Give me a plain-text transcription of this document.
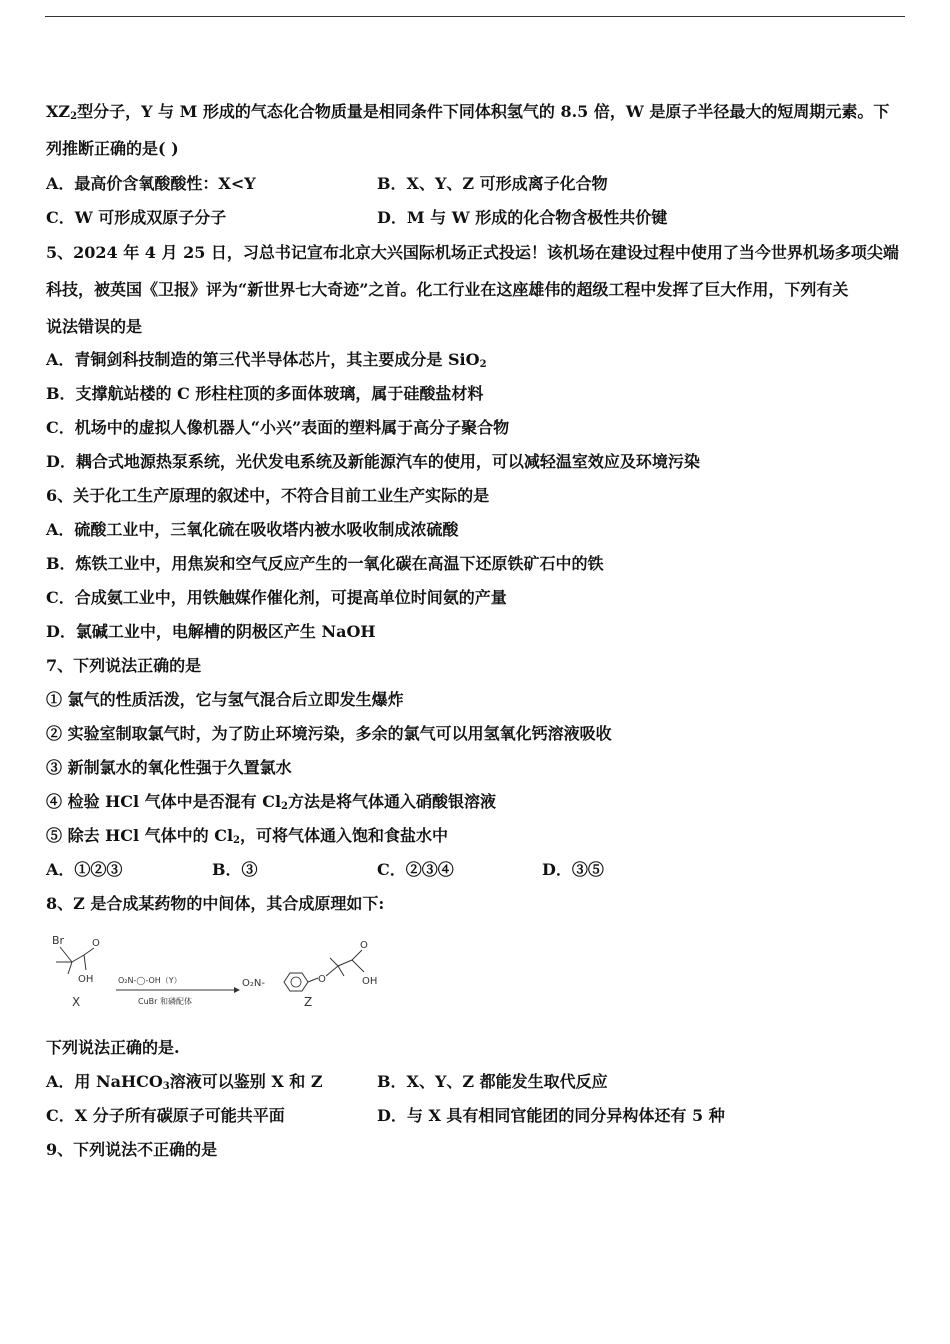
$XZ_2$型分子，Y 与 M 形成的气态化合物质量是相同条件下同体积氢气的 8.5 倍，W 是原子半径最大的短周期元素。下
列推断正确的是( )
A．最高价含氧酸酸性：X<Y	B．X、Y、Z 可形成离子化合物
C．W 可形成双原子分子	D．M 与 W 形成的化合物含极性共价键
5、2024 年 4 月 25 日，习总书记宣布北京大兴国际机场正式投运！该机场在建设过程中使用了当今世界机场多项尖端
科技，被英国《卫报》评为“新世界七大奇迹”之首。化工行业在这座雄伟的超级工程中发挥了巨大作用，下列有关
说法错误的是
A．青铜剑科技制造的第三代半导体芯片，其主要成分是 SiO$_2$
B．支撑航站楼的 C 形柱柱顶的多面体玻璃，属于硅酸盐材料
C．机场中的虚拟人像机器人“小兴”表面的塑料属于高分子聚合物
D．耦合式地源热泵系统，光伏发电系统及新能源汽车的使用，可以减轻温室效应及环境污染
6、关于化工生产原理的叙述中，不符合目前工业生产实际的是
A．硫酸工业中，三氧化硫在吸收塔内被水吸收制成浓硫酸
B．炼铁工业中，用焦炭和空气反应产生的一氧化碳在高温下还原铁矿石中的铁
C．合成氨工业中，用铁触媒作催化剂，可提高单位时间氨的产量
D．氯碱工业中，电解槽的阴极区产生 NaOH
7、下列说法正确的是
① 氯气的性质活泼，它与氢气混合后立即发生爆炸
② 实验室制取氯气时，为了防止环境污染，多余的氯气可以用氢氧化钙溶液吸收
③ 新制氯水的氧化性强于久置氯水
④ 检验 HCl 气体中是否混有 $Cl_2$方法是将气体通入硝酸银溶液
⑤ 除去 HCl 气体中的 $Cl_2$，可将气体通入饱和食盐水中
A．①②③	B．③	C．②③④	D．③⑤
8、Z 是合成某药物的中间体，其合成原理如下:
Br	O
OH
X
O₂N-◯-OH（Y）
CuBr 和磷配体
O₂N-	O
O
OH
Z
下列说法正确的是.
A．用 NaHCO$_3$溶液可以鉴别 X 和 Z	B．X、Y、Z 都能发生取代反应
C．X 分子所有碳原子可能共平面	D．与 X 具有相同官能团的同分异构体还有 5 种
9、下列说法不正确的是
